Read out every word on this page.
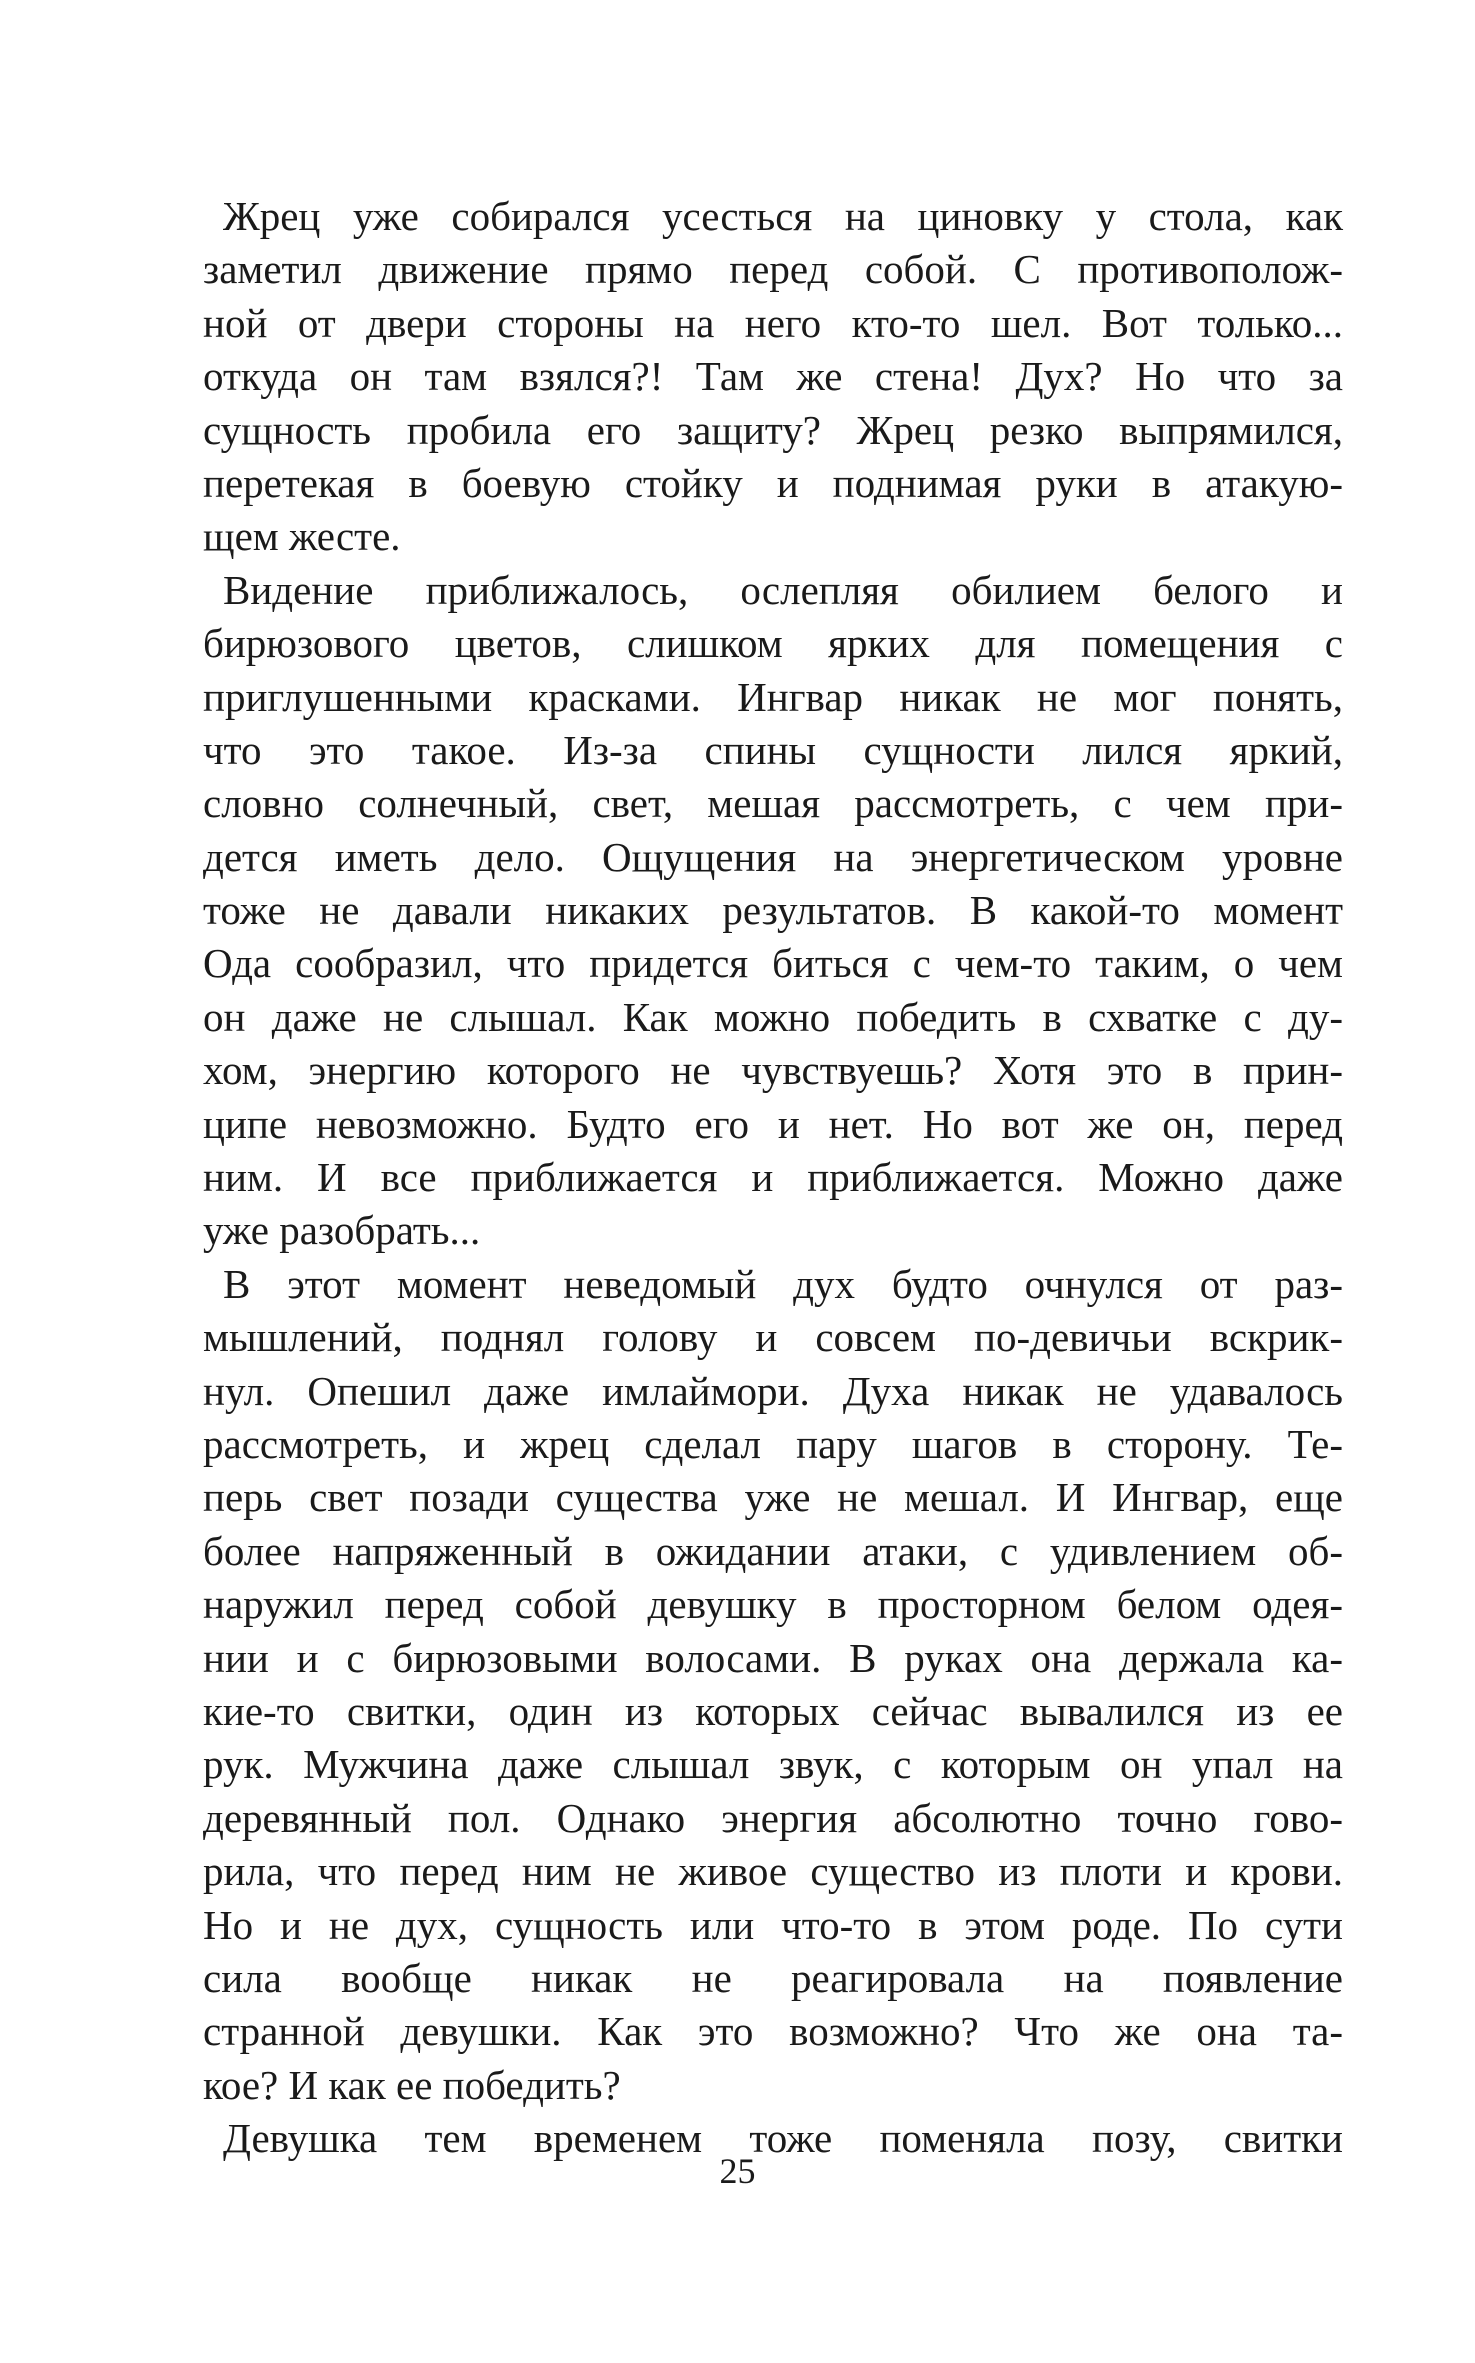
Жрец уже собирался усесться на циновку у стола, как
заметил движение прямо перед собой. С противополож-
ной от двери стороны на него кто-то шел. Вот только...
откуда он там взялся?! Там же стена! Дух? Но что за
сущность пробила его защиту? Жрец резко выпрямился,
перетекая в боевую стойку и поднимая руки в атакую-
щем жесте.
Видение приближалось, ослепляя обилием белого и
бирюзового цветов, слишком ярких для помещения с
приглушенными красками. Ингвар никак не мог понять,
что это такое. Из-за спины сущности лился яркий,
словно солнечный, свет, мешая рассмотреть, с чем при-
дется иметь дело. Ощущения на энергетическом уровне
тоже не давали никаких результатов. В какой-то момент
Ода сообразил, что придется биться с чем-то таким, о чем
он даже не слышал. Как можно победить в схватке с ду-
хом, энергию которого не чувствуешь? Хотя это в прин-
ципе невозможно. Будто его и нет. Но вот же он, перед
ним. И все приближается и приближается. Можно даже
уже разобрать...
В этот момент неведомый дух будто очнулся от раз-
мышлений, поднял голову и совсем по-девичьи вскрик-
нул. Опешил даже имлаймори. Духа никак не удавалось
рассмотреть, и жрец сделал пару шагов в сторону. Те-
перь свет позади существа уже не мешал. И Ингвар, еще
более напряженный в ожидании атаки, с удивлением об-
наружил перед собой девушку в просторном белом одея-
нии и с бирюзовыми волосами. В руках она держала ка-
кие-то свитки, один из которых сейчас вывалился из ее
рук. Мужчина даже слышал звук, с которым он упал на
деревянный пол. Однако энергия абсолютно точно гово-
рила, что перед ним не живое существо из плоти и крови.
Но и не дух, сущность или что-то в этом роде. По сути
сила вообще никак не реагировала на появление
странной девушки. Как это возможно? Что же она та-
кое? И как ее победить?
Девушка тем временем тоже поменяла позу, свитки
25
